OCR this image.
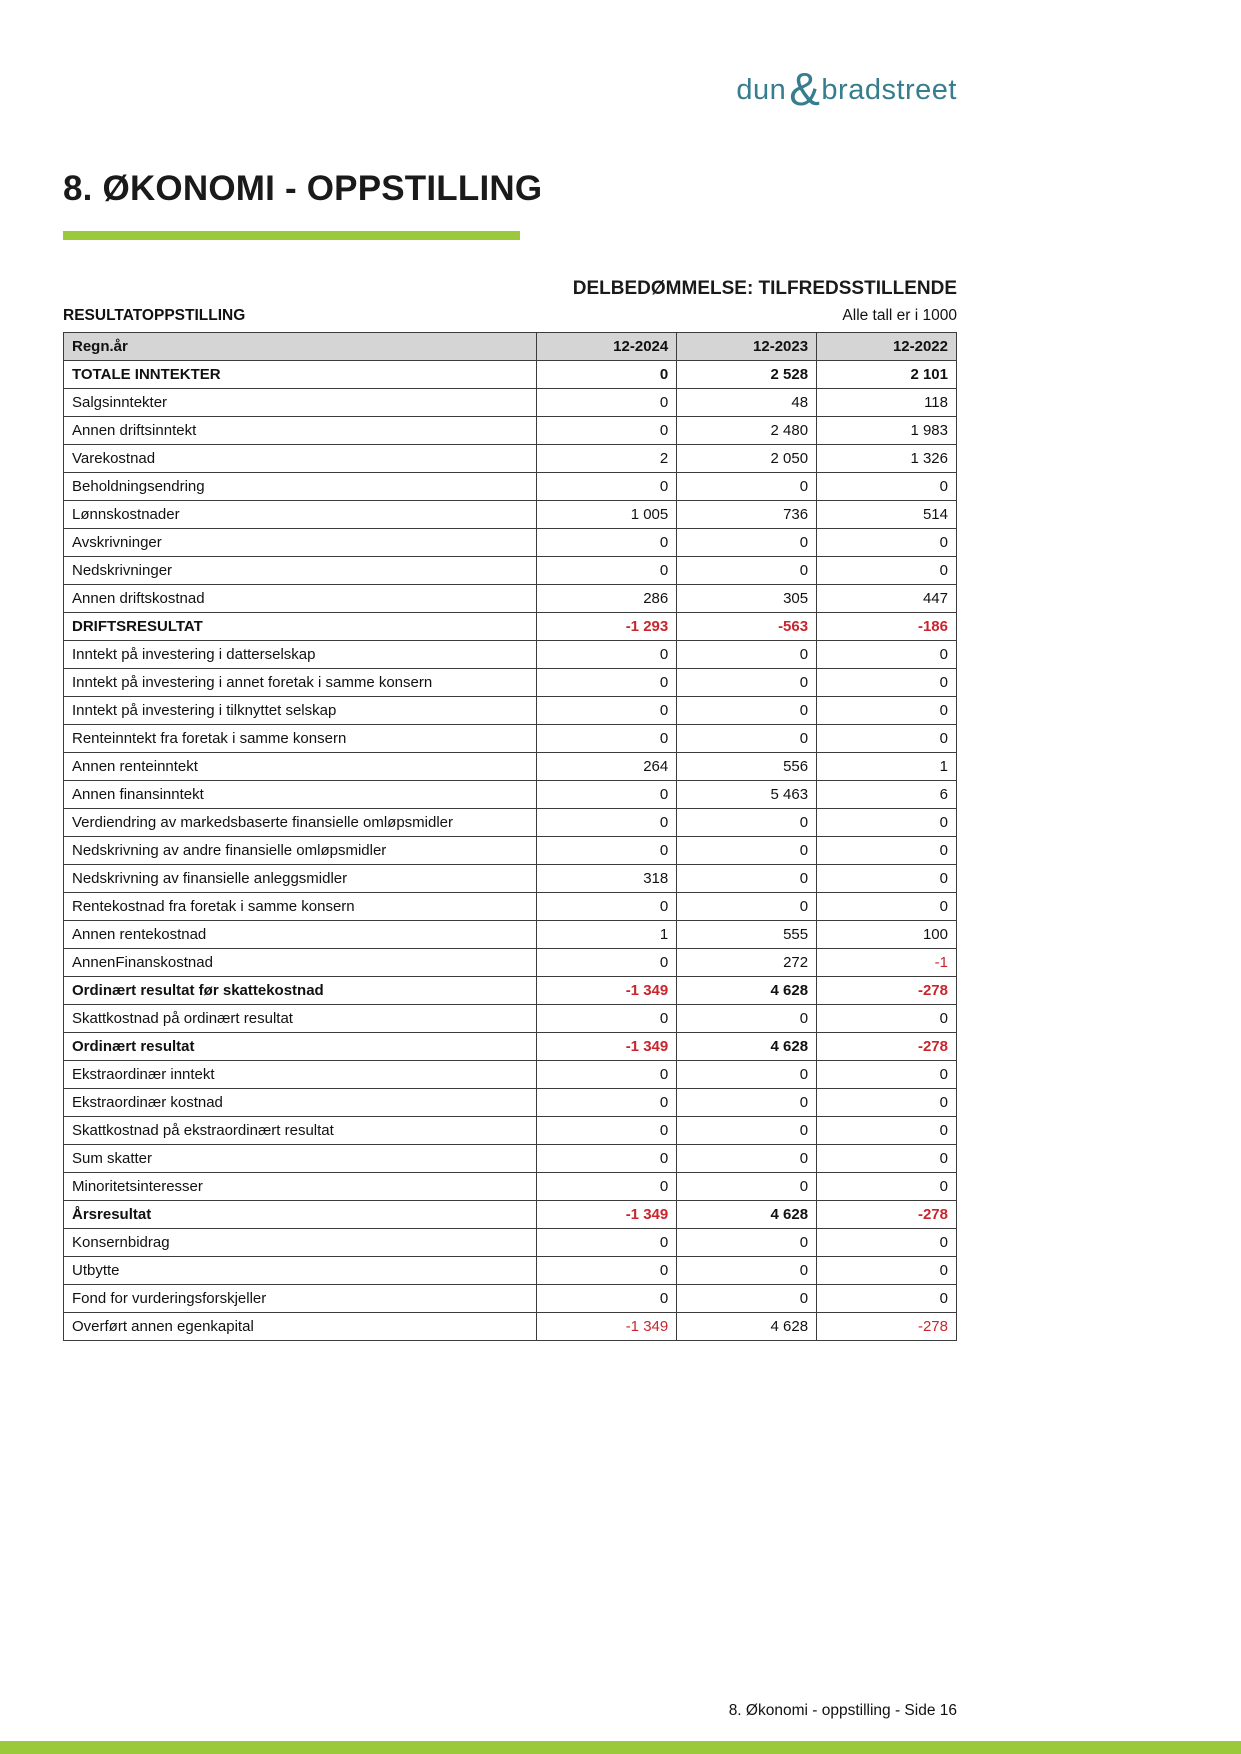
dun&bradstreet
8. ØKONOMI - OPPSTILLING
DELBEDØMMELSE: TILFREDSSTILLENDE
RESULTATOPPSTILLING	Alle tall er i 1000
Regn.år	12-2024	12-2023	12-2022
TOTALE INNTEKTER	0	2 528	2 101
Salgsinntekter	0	48	118
Annen driftsinntekt	0	2 480	1 983
Varekostnad	2	2 050	1 326
Beholdningsendring	0	0	0
Lønnskostnader	1 005	736	514
Avskrivninger	0	0	0
Nedskrivninger	0	0	0
Annen driftskostnad	286	305	447
DRIFTSRESULTAT	-1 293	-563	-186
Inntekt på investering i datterselskap	0	0	0
Inntekt på investering i annet foretak i samme konsern	0	0	0
Inntekt på investering i tilknyttet selskap	0	0	0
Renteinntekt fra foretak i samme konsern	0	0	0
Annen renteinntekt	264	556	1
Annen finansinntekt	0	5 463	6
Verdiendring av markedsbaserte finansielle omløpsmidler	0	0	0
Nedskrivning av andre finansielle omløpsmidler	0	0	0
Nedskrivning av finansielle anleggsmidler	318	0	0
Rentekostnad fra foretak i samme konsern	0	0	0
Annen rentekostnad	1	555	100
AnnenFinanskostnad	0	272	-1
Ordinært resultat før skattekostnad	-1 349	4 628	-278
Skattkostnad på ordinært resultat	0	0	0
Ordinært resultat	-1 349	4 628	-278
Ekstraordinær inntekt	0	0	0
Ekstraordinær kostnad	0	0	0
Skattkostnad på ekstraordinært resultat	0	0	0
Sum skatter	0	0	0
Minoritetsinteresser	0	0	0
Årsresultat	-1 349	4 628	-278
Konsernbidrag	0	0	0
Utbytte	0	0	0
Fond for vurderingsforskjeller	0	0	0
Overført annen egenkapital	-1 349	4 628	-278
8. Økonomi - oppstilling - Side 16
